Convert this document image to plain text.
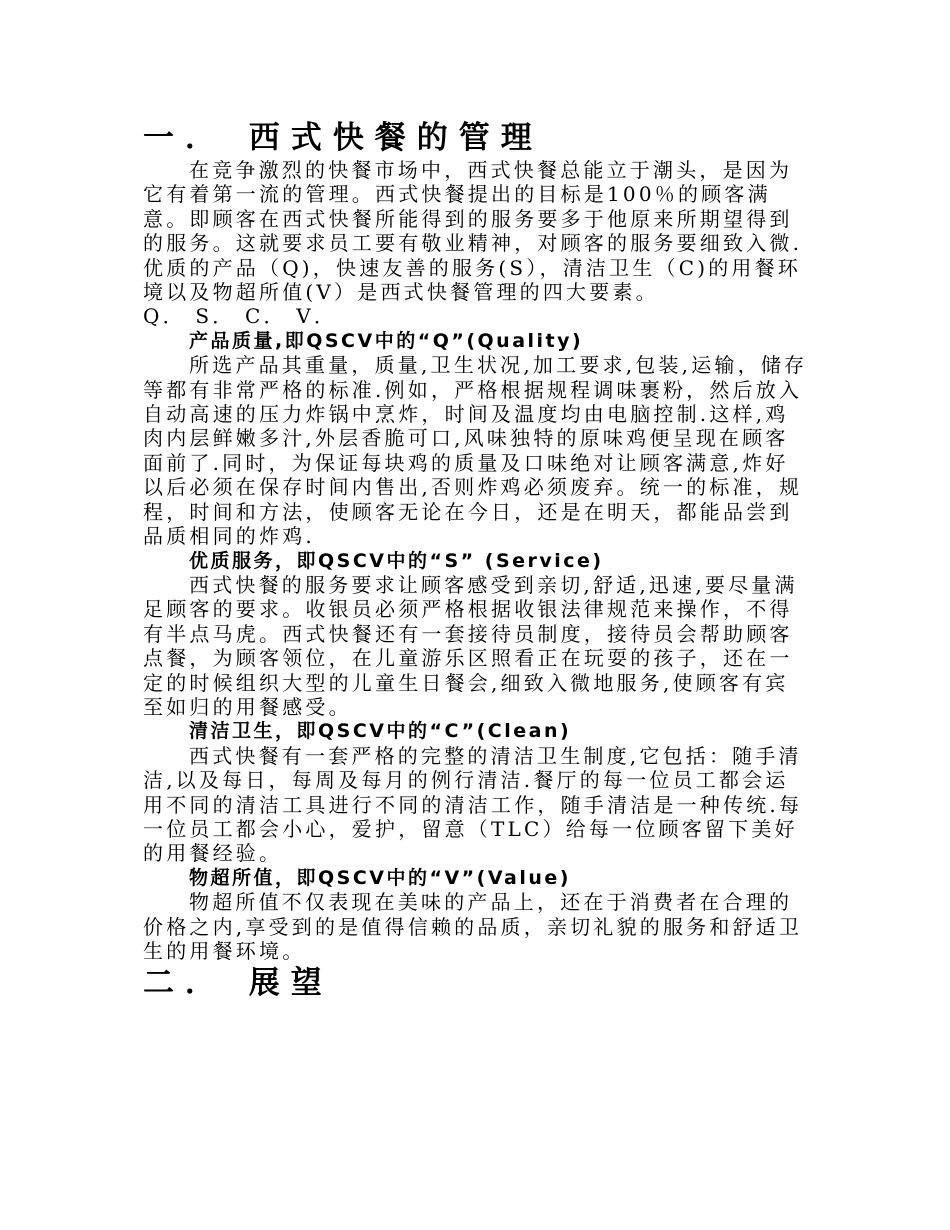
一． 西式快餐的管理

在竞争激烈的快餐市场中，西式快餐总能立于潮头，是因为它有着第一流的管理。西式快餐提出的目标是100％的顾客满意。即顾客在西式快餐所能得到的服务要多于他原来所期望得到的服务。这就要求员工要有敬业精神，对顾客的服务要细致入微.优质的产品（Q)，快速友善的服务(S），清洁卫生（C)的用餐环境以及物超所值(V）是西式快餐管理的四大要素。

Q． S． C． V．

产品质量,即QSCV中的“Q”(Quality)

所选产品其重量，质量,卫生状况,加工要求,包装,运输，储存等都有非常严格的标准.例如，严格根据规程调味裹粉，然后放入自动高速的压力炸锅中烹炸，时间及温度均由电脑控制.这样,鸡肉内层鲜嫩多汁,外层香脆可口,风味独特的原味鸡便呈现在顾客面前了.同时，为保证每块鸡的质量及口味绝对让顾客满意,炸好以后必须在保存时间内售出,否则炸鸡必须废弃。统一的标准，规程，时间和方法，使顾客无论在今日，还是在明天，都能品尝到品质相同的炸鸡.

优质服务，即QSCV中的“S” (Service)

西式快餐的服务要求让顾客感受到亲切,舒适,迅速,要尽量满足顾客的要求。收银员必须严格根据收银法律规范来操作，不得有半点马虎。西式快餐还有一套接待员制度，接待员会帮助顾客点餐，为顾客领位，在儿童游乐区照看正在玩耍的孩子，还在一定的时候组织大型的儿童生日餐会,细致入微地服务,使顾客有宾至如归的用餐感受。

清洁卫生，即QSCV中的“C”(Clean)

西式快餐有一套严格的完整的清洁卫生制度,它包括：随手清洁,以及每日，每周及每月的例行清洁.餐厅的每一位员工都会运用不同的清洁工具进行不同的清洁工作，随手清洁是一种传统.每一位员工都会小心，爱护，留意（TLC）给每一位顾客留下美好的用餐经验。

物超所值，即QSCV中的“V”(Value)

物超所值不仅表现在美味的产品上，还在于消费者在合理的价格之内,享受到的是值得信赖的品质，亲切礼貌的服务和舒适卫生的用餐环境。

二． 展望
